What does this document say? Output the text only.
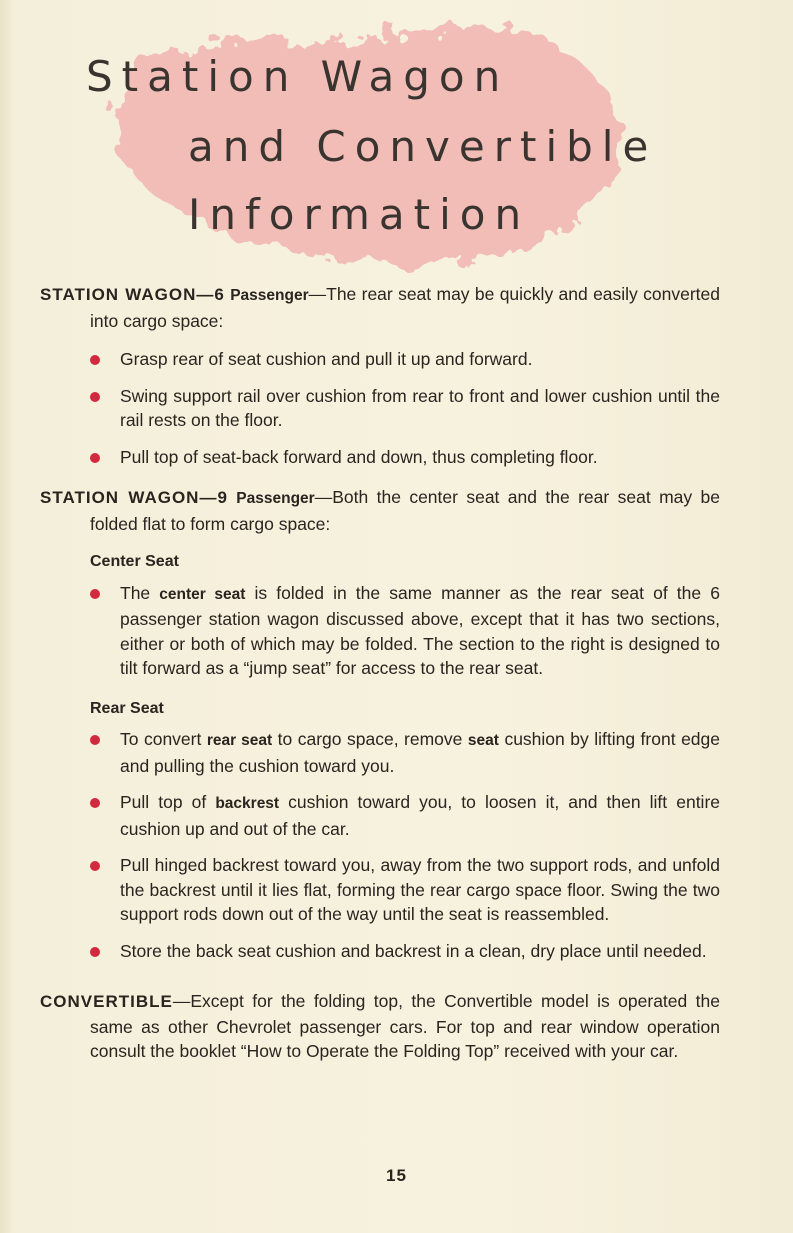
Station Wagon
and Convertible
Information

STATION WAGON—6 Passenger—The rear seat may be quickly and easily converted into cargo space:

Grasp rear of seat cushion and pull it up and forward.
Swing support rail over cushion from rear to front and lower cushion until the rail rests on the floor.
Pull top of seat-back forward and down, thus completing floor.

STATION WAGON—9 Passenger—Both the center seat and the rear seat may be folded flat to form cargo space:

Center Seat
The center seat is folded in the same manner as the rear seat of the 6 passenger station wagon discussed above, except that it has two sections, either or both of which may be folded. The section to the right is designed to tilt forward as a “jump seat” for access to the rear seat.
Rear Seat
To convert rear seat to cargo space, remove seat cushion by lifting front edge and pulling the cushion toward you.
Pull top of backrest cushion toward you, to loosen it, and then lift entire cushion up and out of the car.
Pull hinged backrest toward you, away from the two support rods, and unfold the backrest until it lies flat, forming the rear cargo space floor. Swing the two support rods down out of the way until the seat is reassembled.
Store the back seat cushion and backrest in a clean, dry place until needed.

CONVERTIBLE—Except for the folding top, the Convertible model is operated the same as other Chevrolet passenger cars. For top and rear window operation consult the booklet “How to Operate the Folding Top” received with your car.

15
